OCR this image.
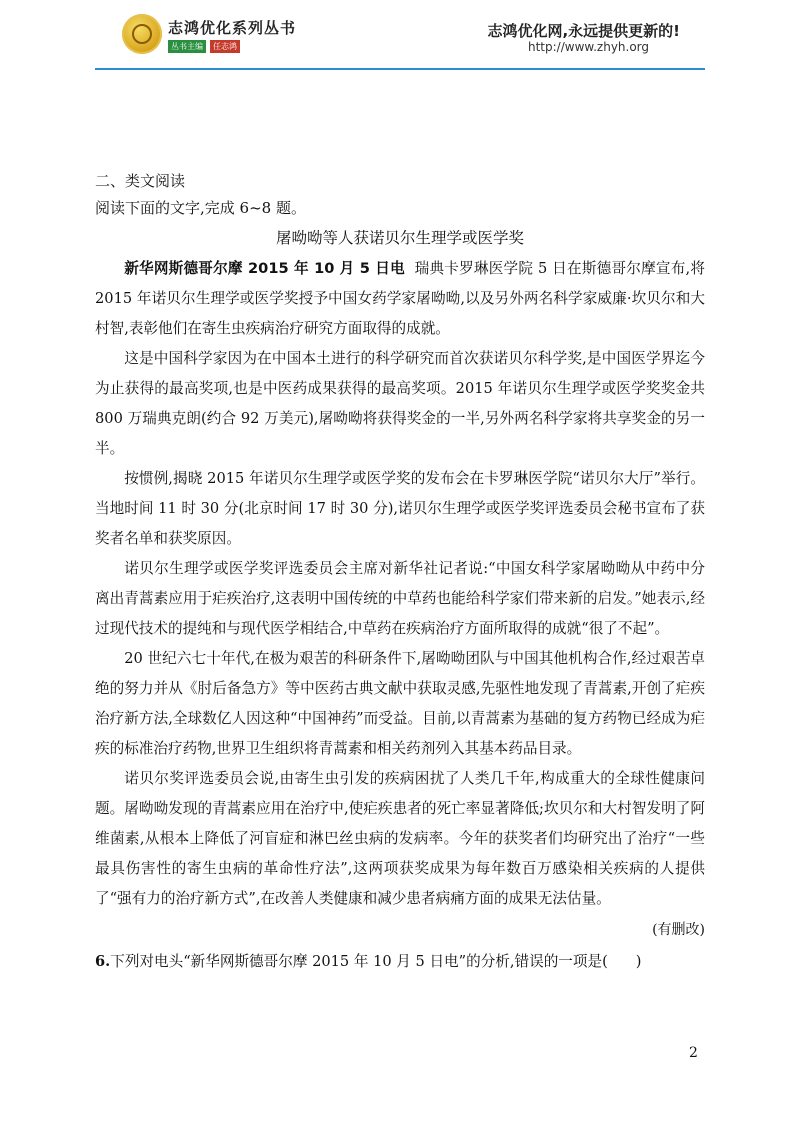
志鸿优化系列丛书
丛书主编	任志鸿
志鸿优化网,永远提供更新的!
http://www.zhyh.org
二、类文阅读
阅读下面的文字,完成 6~8 题。
屠呦呦等人获诺贝尔生理学或医学奖

新华网斯德哥尔摩 2015 年 10 月 5 日电 瑞典卡罗琳医学院 5 日在斯德哥尔摩宣布,将 2015 年诺贝尔生理学或医学奖授予中国女药学家屠呦呦,以及另外两名科学家威廉·坎贝尔和大村智,表彰他们在寄生虫疾病治疗研究方面取得的成就。

这是中国科学家因为在中国本土进行的科学研究而首次获诺贝尔科学奖,是中国医学界迄今为止获得的最高奖项,也是中医药成果获得的最高奖项。2015 年诺贝尔生理学或医学奖奖金共 800 万瑞典克朗(约合 92 万美元),屠呦呦将获得奖金的一半,另外两名科学家将共享奖金的另一半。

按惯例,揭晓 2015 年诺贝尔生理学或医学奖的发布会在卡罗琳医学院“诺贝尔大厅”举行。当地时间 11 时 30 分(北京时间 17 时 30 分),诺贝尔生理学或医学奖评选委员会秘书宣布了获奖者名单和获奖原因。

诺贝尔生理学或医学奖评选委员会主席对新华社记者说:“中国女科学家屠呦呦从中药中分离出青蒿素应用于疟疾治疗,这表明中国传统的中草药也能给科学家们带来新的启发。”她表示,经过现代技术的提纯和与现代医学相结合,中草药在疾病治疗方面所取得的成就“很了不起”。

20 世纪六七十年代,在极为艰苦的科研条件下,屠呦呦团队与中国其他机构合作,经过艰苦卓绝的努力并从《肘后备急方》等中医药古典文献中获取灵感,先驱性地发现了青蒿素,开创了疟疾治疗新方法,全球数亿人因这种“中国神药”而受益。目前,以青蒿素为基础的复方药物已经成为疟疾的标准治疗药物,世界卫生组织将青蒿素和相关药剂列入其基本药品目录。

诺贝尔奖评选委员会说,由寄生虫引发的疾病困扰了人类几千年,构成重大的全球性健康问题。屠呦呦发现的青蒿素应用在治疗中,使疟疾患者的死亡率显著降低;坎贝尔和大村智发明了阿维菌素,从根本上降低了河盲症和淋巴丝虫病的发病率。今年的获奖者们均研究出了治疗“一些最具伤害性的寄生虫病的革命性疗法”,这两项获奖成果为每年数百万感染相关疾病的人提供了“强有力的治疗新方式”,在改善人类健康和减少患者病痛方面的成果无法估量。

(有删改)
6.下列对电头“新华网斯德哥尔摩 2015 年 10 月 5 日电”的分析,错误的一项是( )
2
